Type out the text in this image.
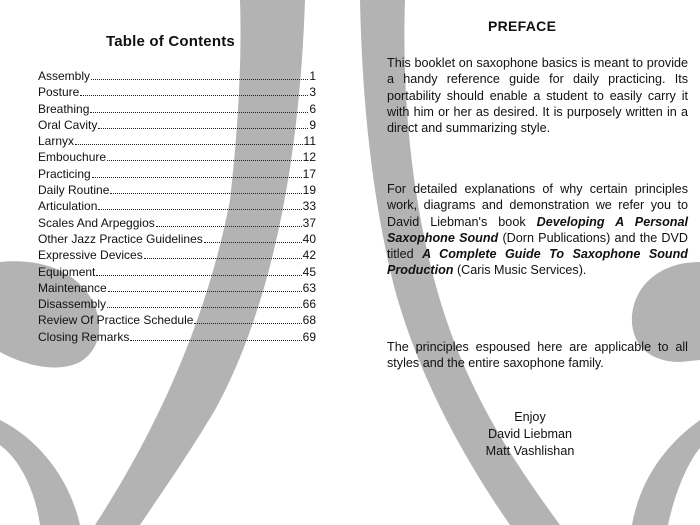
Table of Contents
Assembly	1
Posture	3
Breathing	6
Oral Cavity	9
Larnyx	11
Embouchure	12
Practicing	17
Daily Routine	19
Articulation	33
Scales And Arpeggios	37
Other Jazz Practice Guidelines	40
Expressive Devices	42
Equipment	45
Maintenance	63
Disassembly	66
Review Of Practice Schedule	68
Closing Remarks	69
PREFACE

This booklet on saxophone basics is meant to provide a handy reference guide for daily practicing. Its portability should enable a student to easily carry it with him or her as desired. It is purposely written in a direct and summarizing style.

For detailed explanations of why certain principles work, diagrams and demonstration we refer you to David Liebman's book Developing A Personal Saxophone Sound (Dorn Publications) and the DVD titled A Complete Guide To Saxophone Sound Production (Caris Music Services).

The principles espoused here are applicable to all styles and the entire saxophone family.

Enjoy
David Liebman
Matt Vashlishan
